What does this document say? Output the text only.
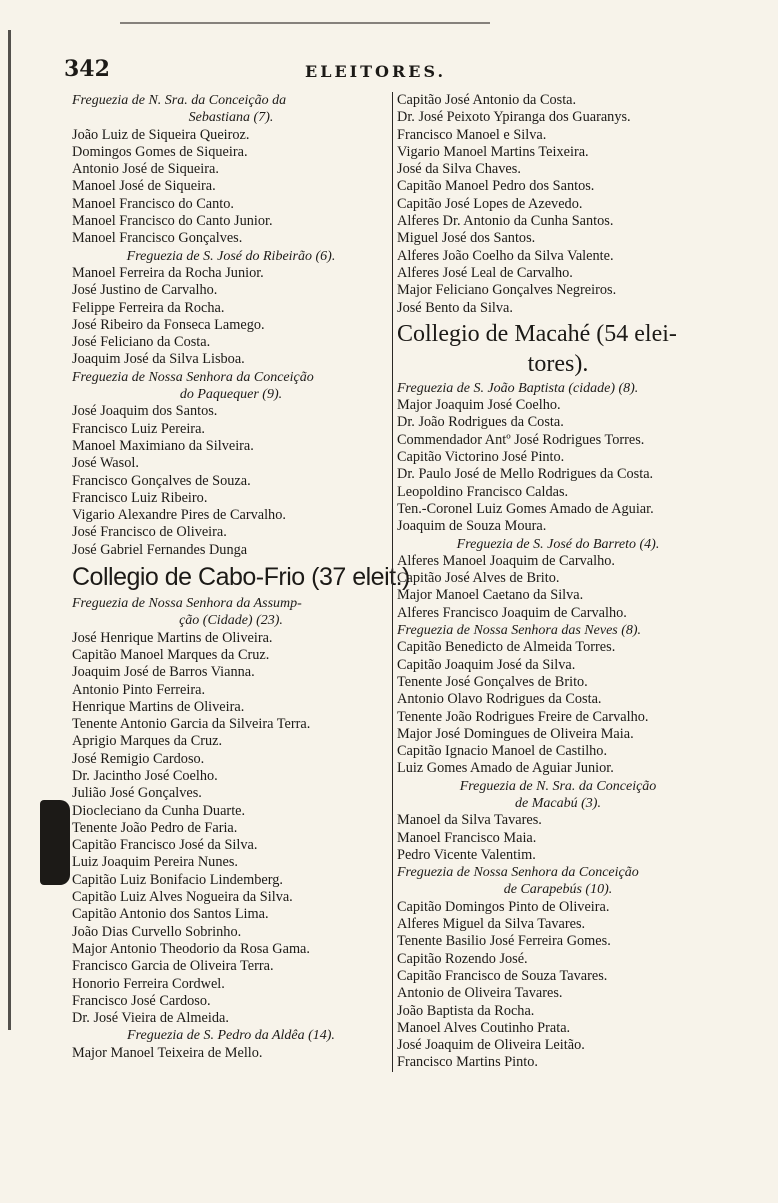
342	ELEITORES.
Freguezia de N. Sra. da Conceição da
Sebastiana (7).
João Luiz de Siqueira Queiroz.
Domingos Gomes de Siqueira.
Antonio José de Siqueira.
Manoel José de Siqueira.
Manoel Francisco do Canto.
Manoel Francisco do Canto Junior.
Manoel Francisco Gonçalves.
Freguezia de S. José do Ribeirão (6).
Manoel Ferreira da Rocha Junior.
José Justino de Carvalho.
Felippe Ferreira da Rocha.
José Ribeiro da Fonseca Lamego.
José Feliciano da Costa.
Joaquim José da Silva Lisboa.
Freguezia de Nossa Senhora da Conceição
do Paquequer (9).
José Joaquim dos Santos.
Francisco Luiz Pereira.
Manoel Maximiano da Silveira.
José Wasol.
Francisco Gonçalves de Souza.
Francisco Luiz Ribeiro.
Vigario Alexandre Pires de Carvalho.
José Francisco de Oliveira.
José Gabriel Fernandes Dunga
Collegio de Cabo-Frio (37 eleit.)
Freguezia de Nossa Senhora da Assump-
ção (Cidade) (23).
José Henrique Martins de Oliveira.
Capitão Manoel Marques da Cruz.
Joaquim José de Barros Vianna.
Antonio Pinto Ferreira.
Henrique Martins de Oliveira.
Tenente Antonio Garcia da Silveira Terra.
Aprigio Marques da Cruz.
José Remigio Cardoso.
Dr. Jacintho José Coelho.
Julião José Gonçalves.
Diocleciano da Cunha Duarte.
Tenente João Pedro de Faria.
Capitão Francisco José da Silva.
Luiz Joaquim Pereira Nunes.
Capitão Luiz Bonifacio Lindemberg.
Capitão Luiz Alves Nogueira da Silva.
Capitão Antonio dos Santos Lima.
João Dias Curvello Sobrinho.
Major Antonio Theodorio da Rosa Gama.
Francisco Garcia de Oliveira Terra.
Honorio Ferreira Cordwel.
Francisco José Cardoso.
Dr. José Vieira de Almeida.
Freguezia de S. Pedro da Aldêa (14).
Major Manoel Teixeira de Mello.
Capitão José Antonio da Costa.
Dr. José Peixoto Ypiranga dos Guaranys.
Francisco Manoel e Silva.
Vigario Manoel Martins Teixeira.
José da Silva Chaves.
Capitão Manoel Pedro dos Santos.
Capitão José Lopes de Azevedo.
Alferes Dr. Antonio da Cunha Santos.
Miguel José dos Santos.
Alferes João Coelho da Silva Valente.
Alferes José Leal de Carvalho.
Major Feliciano Gonçalves Negreiros.
José Bento da Silva.
Collegio de Macahé (54 elei-
tores).
Freguezia de S. João Baptista (cidade) (8).
Major Joaquim José Coelho.
Dr. João Rodrigues da Costa.
Commendador Antº José Rodrigues Torres.
Capitão Victorino José Pinto.
Dr. Paulo José de Mello Rodrigues da Costa.
Leopoldino Francisco Caldas.
Ten.-Coronel Luiz Gomes Amado de Aguiar.
Joaquim de Souza Moura.
Freguezia de S. José do Barreto (4).
Alferes Manoel Joaquim de Carvalho.
Capitão José Alves de Brito.
Major Manoel Caetano da Silva.
Alferes Francisco Joaquim de Carvalho.
Freguezia de Nossa Senhora das Neves (8).
Capitão Benedicto de Almeida Torres.
Capitão Joaquim José da Silva.
Tenente José Gonçalves de Brito.
Antonio Olavo Rodrigues da Costa.
Tenente João Rodrigues Freire de Carvalho.
Major José Domingues de Oliveira Maia.
Capitão Ignacio Manoel de Castilho.
Luiz Gomes Amado de Aguiar Junior.
Freguezia de N. Sra. da Conceição
de Macabú (3).
Manoel da Silva Tavares.
Manoel Francisco Maia.
Pedro Vicente Valentim.
Freguezia de Nossa Senhora da Conceição
de Carapebús (10).
Capitão Domingos Pinto de Oliveira.
Alferes Miguel da Silva Tavares.
Tenente Basilio José Ferreira Gomes.
Capitão Rozendo José.
Capitão Francisco de Souza Tavares.
Antonio de Oliveira Tavares.
João Baptista da Rocha.
Manoel Alves Coutinho Prata.
José Joaquim de Oliveira Leitão.
Francisco Martins Pinto.
